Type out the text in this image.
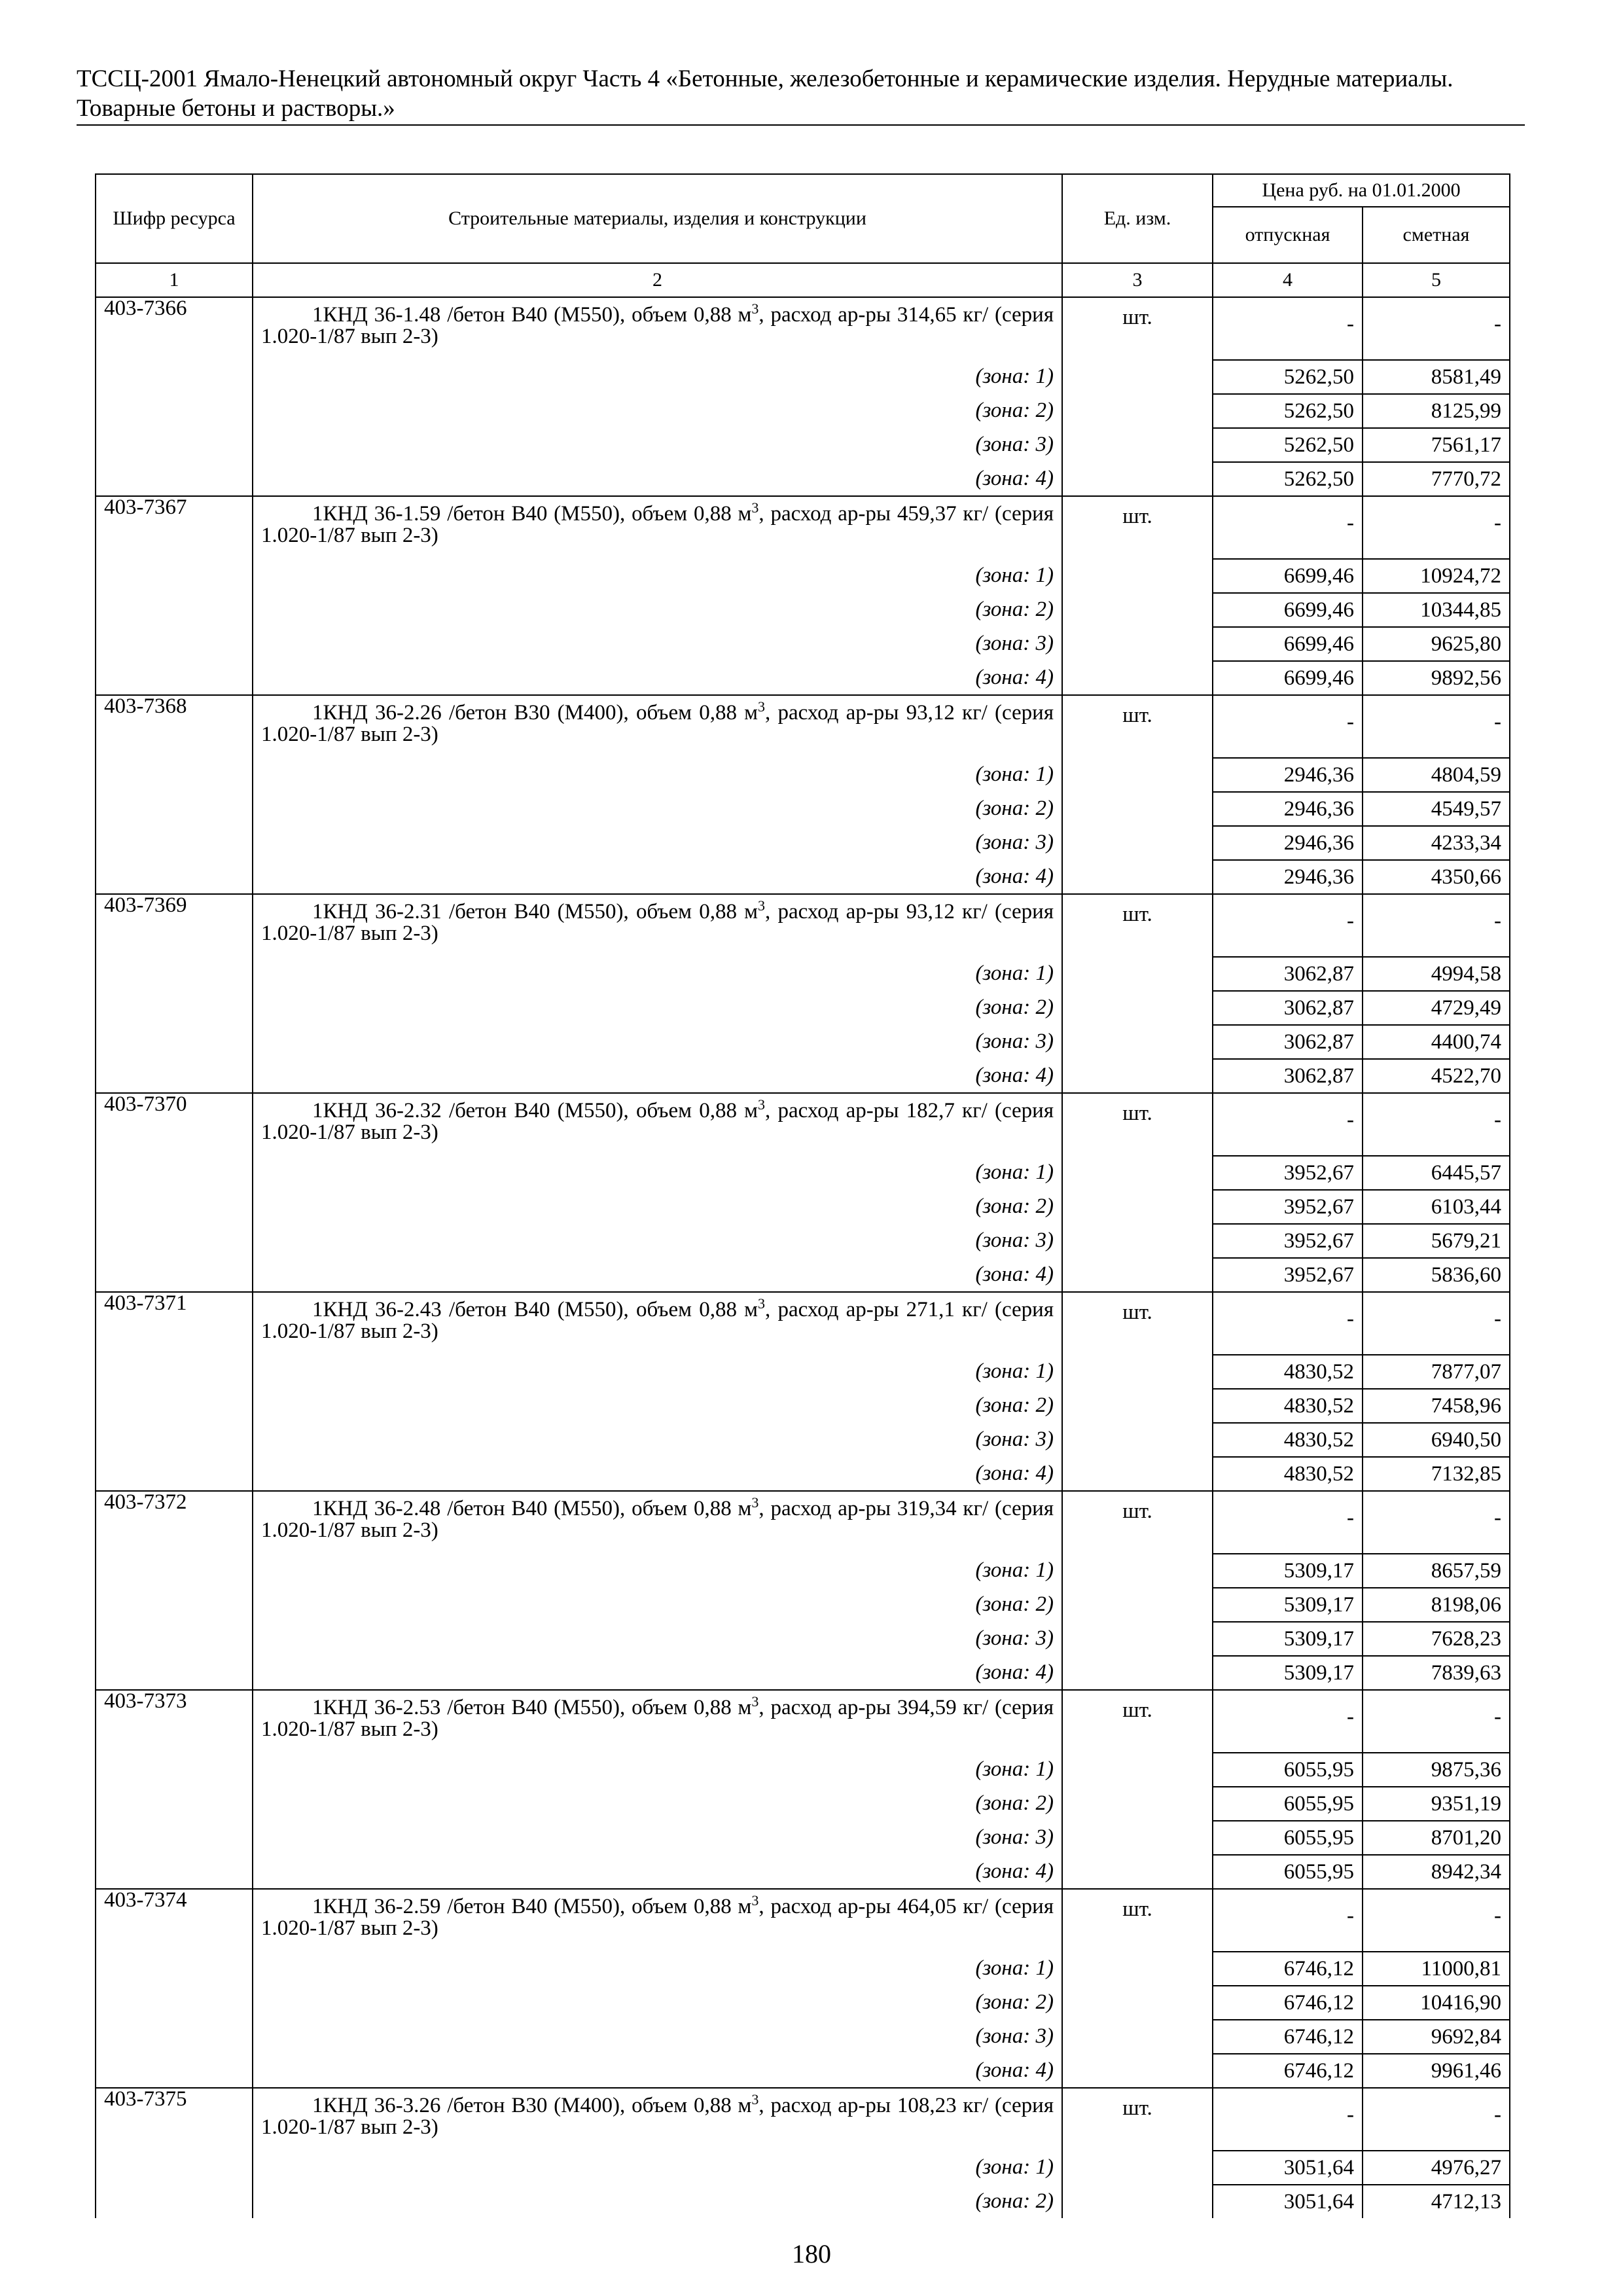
ТССЦ-2001 Ямало-Ненецкий автономный округ Часть 4 «Бетонные, железобетонные и керамические изделия. Нерудные материалы.
Товарные бетоны и растворы.»
Шифр ресурса	Строительные материалы, изделия и конструкции	Ед. изм.	Цена руб. на 01.01.2000	
			отпускная	сметная
1	2	3	4	5
403-7366	1КНД 36-1.48 /бетон В40 (М550), объем 0,88 $м^3$, расход ар-ры 314,65 кг/ (серия 1.020-1/87 вып 2-3)	шт.	-	-
	(зона: 1)		5262,50	8581,49
	(зона: 2)		5262,50	8125,99
	(зона: 3)		5262,50	7561,17
	(зона: 4)		5262,50	7770,72
403-7367	1КНД 36-1.59 /бетон В40 (М550), объем 0,88 $м^3$, расход ар-ры 459,37 кг/ (серия 1.020-1/87 вып 2-3)	шт.	-	-
	(зона: 1)		6699,46	10924,72
	(зона: 2)		6699,46	10344,85
	(зона: 3)		6699,46	9625,80
	(зона: 4)		6699,46	9892,56
403-7368	1КНД 36-2.26 /бетон В30 (М400), объем 0,88 $м^3$, расход ар-ры 93,12 кг/ (серия 1.020-1/87 вып 2-3)	шт.	-	-
	(зона: 1)		2946,36	4804,59
	(зона: 2)		2946,36	4549,57
	(зона: 3)		2946,36	4233,34
	(зона: 4)		2946,36	4350,66
403-7369	1КНД 36-2.31 /бетон В40 (М550), объем 0,88 $м^3$, расход ар-ры 93,12 кг/ (серия 1.020-1/87 вып 2-3)	шт.	-	-
	(зона: 1)		3062,87	4994,58
	(зона: 2)		3062,87	4729,49
	(зона: 3)		3062,87	4400,74
	(зона: 4)		3062,87	4522,70
403-7370	1КНД 36-2.32 /бетон В40 (М550), объем 0,88 $м^3$, расход ар-ры 182,7 кг/ (серия 1.020-1/87 вып 2-3)	шт.	-	-
	(зона: 1)		3952,67	6445,57
	(зона: 2)		3952,67	6103,44
	(зона: 3)		3952,67	5679,21
	(зона: 4)		3952,67	5836,60
403-7371	1КНД 36-2.43 /бетон В40 (М550), объем 0,88 $м^3$, расход ар-ры 271,1 кг/ (серия 1.020-1/87 вып 2-3)	шт.	-	-
	(зона: 1)		4830,52	7877,07
	(зона: 2)		4830,52	7458,96
	(зона: 3)		4830,52	6940,50
	(зона: 4)		4830,52	7132,85
403-7372	1КНД 36-2.48 /бетон В40 (М550), объем 0,88 $м^3$, расход ар-ры 319,34 кг/ (серия 1.020-1/87 вып 2-3)	шт.	-	-
	(зона: 1)		5309,17	8657,59
	(зона: 2)		5309,17	8198,06
	(зона: 3)		5309,17	7628,23
	(зона: 4)		5309,17	7839,63
403-7373	1КНД 36-2.53 /бетон В40 (М550), объем 0,88 $м^3$, расход ар-ры 394,59 кг/ (серия 1.020-1/87 вып 2-3)	шт.	-	-
	(зона: 1)		6055,95	9875,36
	(зона: 2)		6055,95	9351,19
	(зона: 3)		6055,95	8701,20
	(зона: 4)		6055,95	8942,34
403-7374	1КНД 36-2.59 /бетон В40 (М550), объем 0,88 $м^3$, расход ар-ры 464,05 кг/ (серия 1.020-1/87 вып 2-3)	шт.	-	-
	(зона: 1)		6746,12	11000,81
	(зона: 2)		6746,12	10416,90
	(зона: 3)		6746,12	9692,84
	(зона: 4)		6746,12	9961,46
403-7375	1КНД 36-3.26 /бетон В30 (М400), объем 0,88 $м^3$, расход ар-ры 108,23 кг/ (серия 1.020-1/87 вып 2-3)	шт.	-	-
	(зона: 1)		3051,64	4976,27
	(зона: 2)		3051,64	4712,13
180
